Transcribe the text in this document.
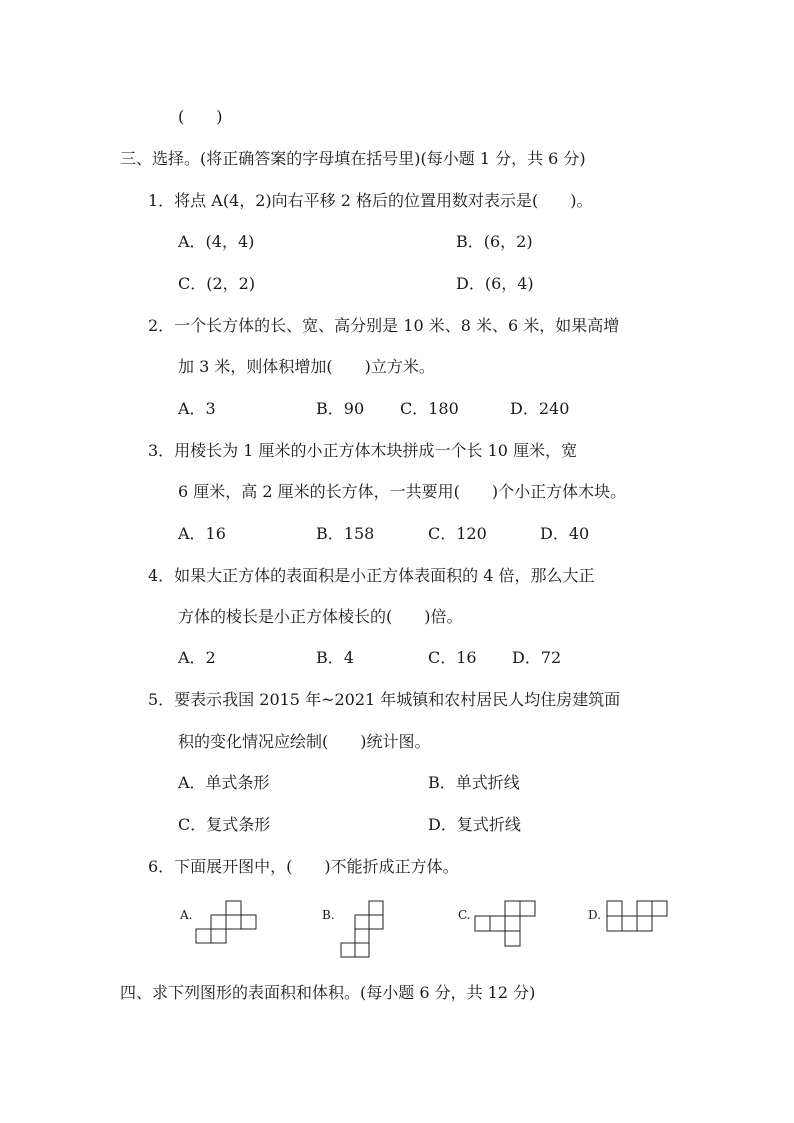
(　　)
三、选择。(将正确答案的字母填在括号里)(每小题 1 分，共 6 分)
1．将点 A(4，2)向右平移 2 格后的位置用数对表示是(　　)。
A．(4，4)	B．(6，2)
C．(2，2)	D．(6，4)
2．一个长方体的长、宽、高分别是 10 米、8 米、6 米，如果高增
加 3 米，则体积增加(　　)立方米。
A．3	B．90 C．180	D．240
3．用棱长为 1 厘米的小正方体木块拼成一个长 10 厘米，宽
6 厘米，高 2 厘米的长方体，一共要用(　　)个小正方体木块。
A．16	B．158	C．120	D．40
4．如果大正方体的表面积是小正方体表面积的 4 倍，那么大正
方体的棱长是小正方体棱长的(　　)倍。
A．2	B．4	C．16 D．72
5．要表示我国 2015 年~2021 年城镇和农村居民人均住房建筑面
积的变化情况应绘制(　　)统计图。
A．单式条形	B．单式折线
C．复式条形	D．复式折线
6．下面展开图中，(　　)不能折成正方体。
A.	B.	C.	D.
四、求下列图形的表面积和体积。(每小题 6 分，共 12 分)
